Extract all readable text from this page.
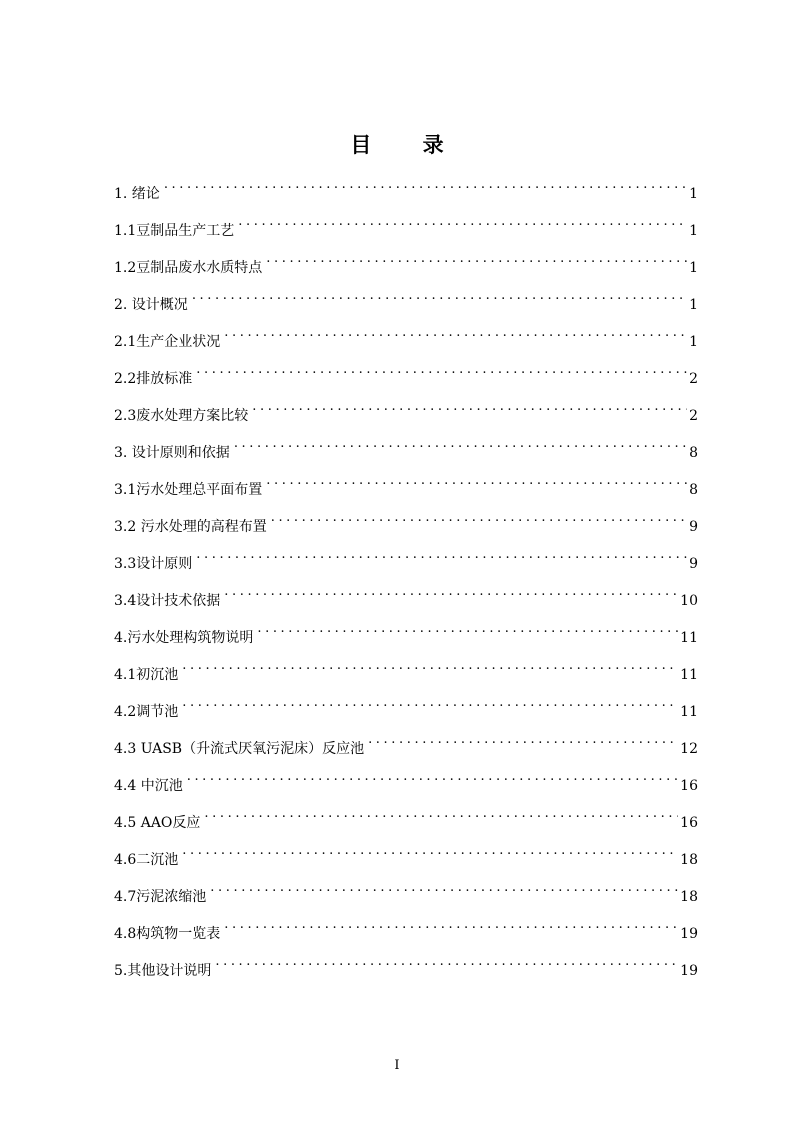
目 录
1. 绪论 .....	1
1.1豆制品生产工艺 .....	1
1.2豆制品废水水质特点 .....	1
2. 设计概况 .....	1
2.1生产企业状况 .....	1
2.2排放标准 .....	2
2.3废水处理方案比较 .....	2
3. 设计原则和依据 .....	8
3.1污水处理总平面布置 .....	8
3.2 污水处理的高程布置 .....	9
3.3设计原则 .....	9
3.4设计技术依据 .....	10
4.污水处理构筑物说明 .....	11
4.1初沉池 .....	11
4.2调节池 .....	11
4.3 UASB（升流式厌氧污泥床）反应池 .....	12
4.4 中沉池 .....	16
4.5 AAO反应 .....	16
4.6二沉池 .....	18
4.7污泥浓缩池 .....	18
4.8构筑物一览表 .....	19
5.其他设计说明 .....	19
I
